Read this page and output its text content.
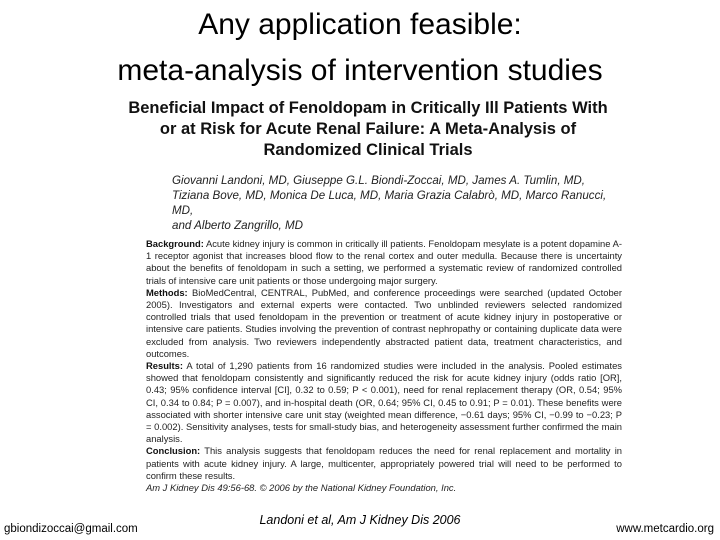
Any application feasible:
meta-analysis of intervention studies
Beneficial Impact of Fenoldopam in Critically Ill Patients With
or at Risk for Acute Renal Failure: A Meta-Analysis of
Randomized Clinical Trials
Giovanni Landoni, MD, Giuseppe G.L. Biondi-Zoccai, MD, James A. Tumlin, MD,
Tiziana Bove, MD, Monica De Luca, MD, Maria Grazia Calabrò, MD, Marco Ranucci, MD,
and Alberto Zangrillo, MD

Background: Acute kidney injury is common in critically ill patients. Fenoldopam mesylate is a potent dopamine A-1 receptor agonist that increases blood flow to the renal cortex and outer medulla. Because there is uncertainty about the benefits of fenoldopam in such a setting, we performed a systematic review of randomized controlled trials of intensive care unit patients or those undergoing major surgery.

Methods: BioMedCentral, CENTRAL, PubMed, and conference proceedings were searched (updated October 2005). Investigators and external experts were contacted. Two unblinded reviewers selected randomized controlled trials that used fenoldopam in the prevention or treatment of acute kidney injury in postoperative or intensive care patients. Studies involving the prevention of contrast nephropathy or containing duplicate data were excluded from analysis. Two reviewers independently abstracted patient data, treatment characteristics, and outcomes.

Results: A total of 1,290 patients from 16 randomized studies were included in the analysis. Pooled estimates showed that fenoldopam consistently and significantly reduced the risk for acute kidney injury (odds ratio [OR], 0.43; 95% confidence interval [CI], 0.32 to 0.59; P < 0.001), need for renal replacement therapy (OR, 0.54; 95% CI, 0.34 to 0.84; P = 0.007), and in-hospital death (OR, 0.64; 95% CI, 0.45 to 0.91; P = 0.01). These benefits were associated with shorter intensive care unit stay (weighted mean difference, −0.61 days; 95% CI, −0.99 to −0.23; P = 0.002). Sensitivity analyses, tests for small-study bias, and heterogeneity assessment further confirmed the main analysis.

Conclusion: This analysis suggests that fenoldopam reduces the need for renal replacement and mortality in patients with acute kidney injury. A large, multicenter, appropriately powered trial will need to be performed to confirm these results.

Am J Kidney Dis 49:56-68. © 2006 by the National Kidney Foundation, Inc.

gbiondizoccai@gmail.com
Landoni et al, Am J Kidney Dis 2006
www.metcardio.org
